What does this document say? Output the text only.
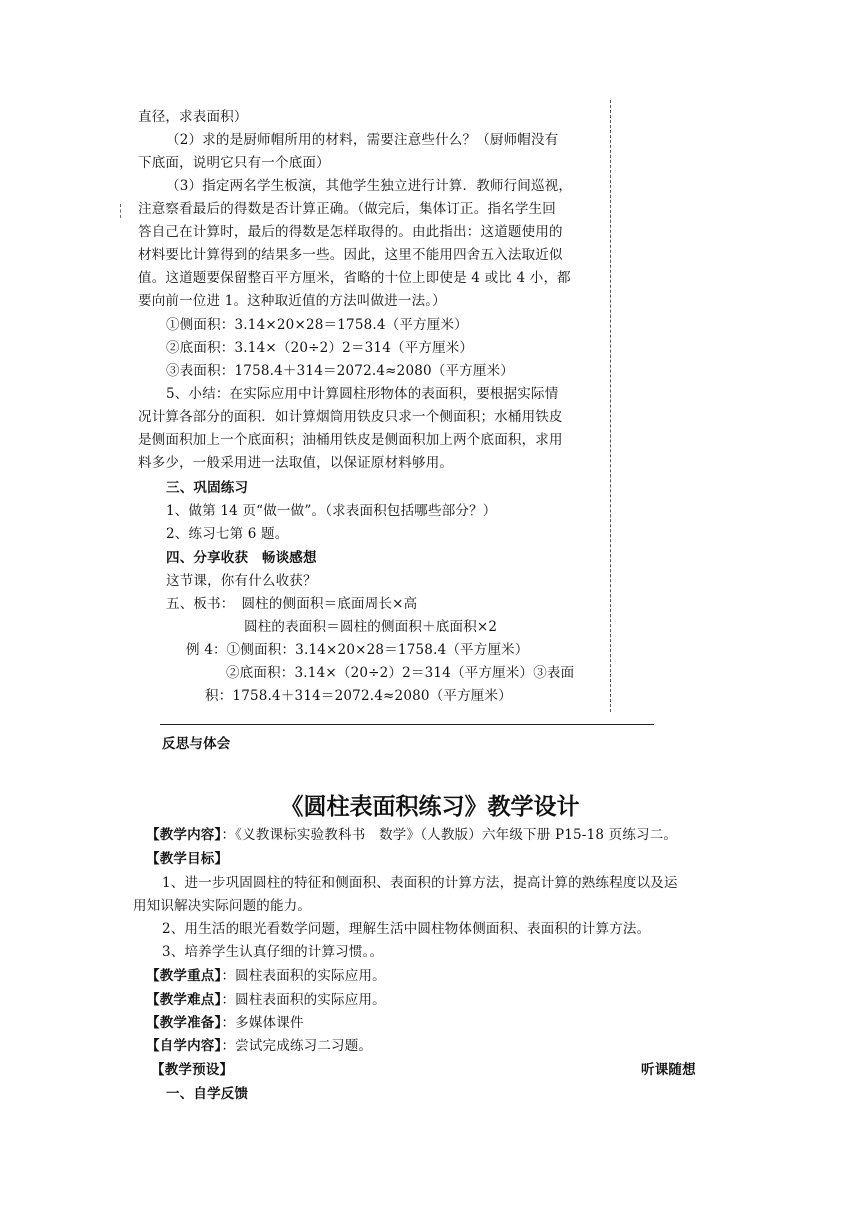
直径，求表面积）
（2）求的是厨师帽所用的材料，需要注意些什么？（厨师帽没有
下底面，说明它只有一个底面）
（3）指定两名学生板演，其他学生独立进行计算．教师行间巡视，
注意察看最后的得数是否计算正确。（做完后，集体订正。指名学生回
答自己在计算时，最后的得数是怎样取得的。由此指出：这道题使用的
材料要比计算得到的结果多一些。因此，这里不能用四舍五入法取近似
值。这道题要保留整百平方厘米，省略的十位上即使是 4 或比 4 小，都
要向前一位进 1。这种取近值的方法叫做进一法。）
①侧面积：3.14×20×28＝1758.4（平方厘米）
②底面积：3.14×（20÷2）2＝314（平方厘米）
③表面积：1758.4＋314＝2072.4≈2080（平方厘米）
5、小结：在实际应用中计算圆柱形物体的表面积，要根据实际情
况计算各部分的面积．如计算烟筒用铁皮只求一个侧面积；水桶用铁皮
是侧面积加上一个底面积；油桶用铁皮是侧面积加上两个底面积，求用
料多少，一般采用进一法取值，以保证原材料够用。
三、巩固练习
1、做第 14 页“做一做”。（求表面积包括哪些部分？）
2、练习七第 6 题。
四、分享收获　畅谈感想
这节课，你有什么收获？
五、板书：　圆柱的侧面积＝底面周长×高
圆柱的表面积＝圆柱的侧面积＋底面积×2
例 4：①侧面积：3.14×20×28＝1758.4（平方厘米）
②底面积：3.14×（20÷2）2＝314（平方厘米）③表面
积：1758.4＋314＝2072.4≈2080（平方厘米）
反思与体会
《圆柱表面积练习》教学设计
【教学内容】：《义教课标实验教科书　数学》（人教版）六年级下册 P15-18 页练习二。
【教学目标】
1、进一步巩固圆柱的特征和侧面积、表面积的计算方法，提高计算的熟练程度以及运
用知识解决实际问题的能力。
2、用生活的眼光看数学问题，理解生活中圆柱物体侧面积、表面积的计算方法。
3、培养学生认真仔细的计算习惯。。
【教学重点】：圆柱表面积的实际应用。
【教学难点】：圆柱表面积的实际应用。
【教学准备】：多媒体课件
【自学内容】：尝试完成练习二习题。
【教学预设】	听课随想
一、自学反馈
